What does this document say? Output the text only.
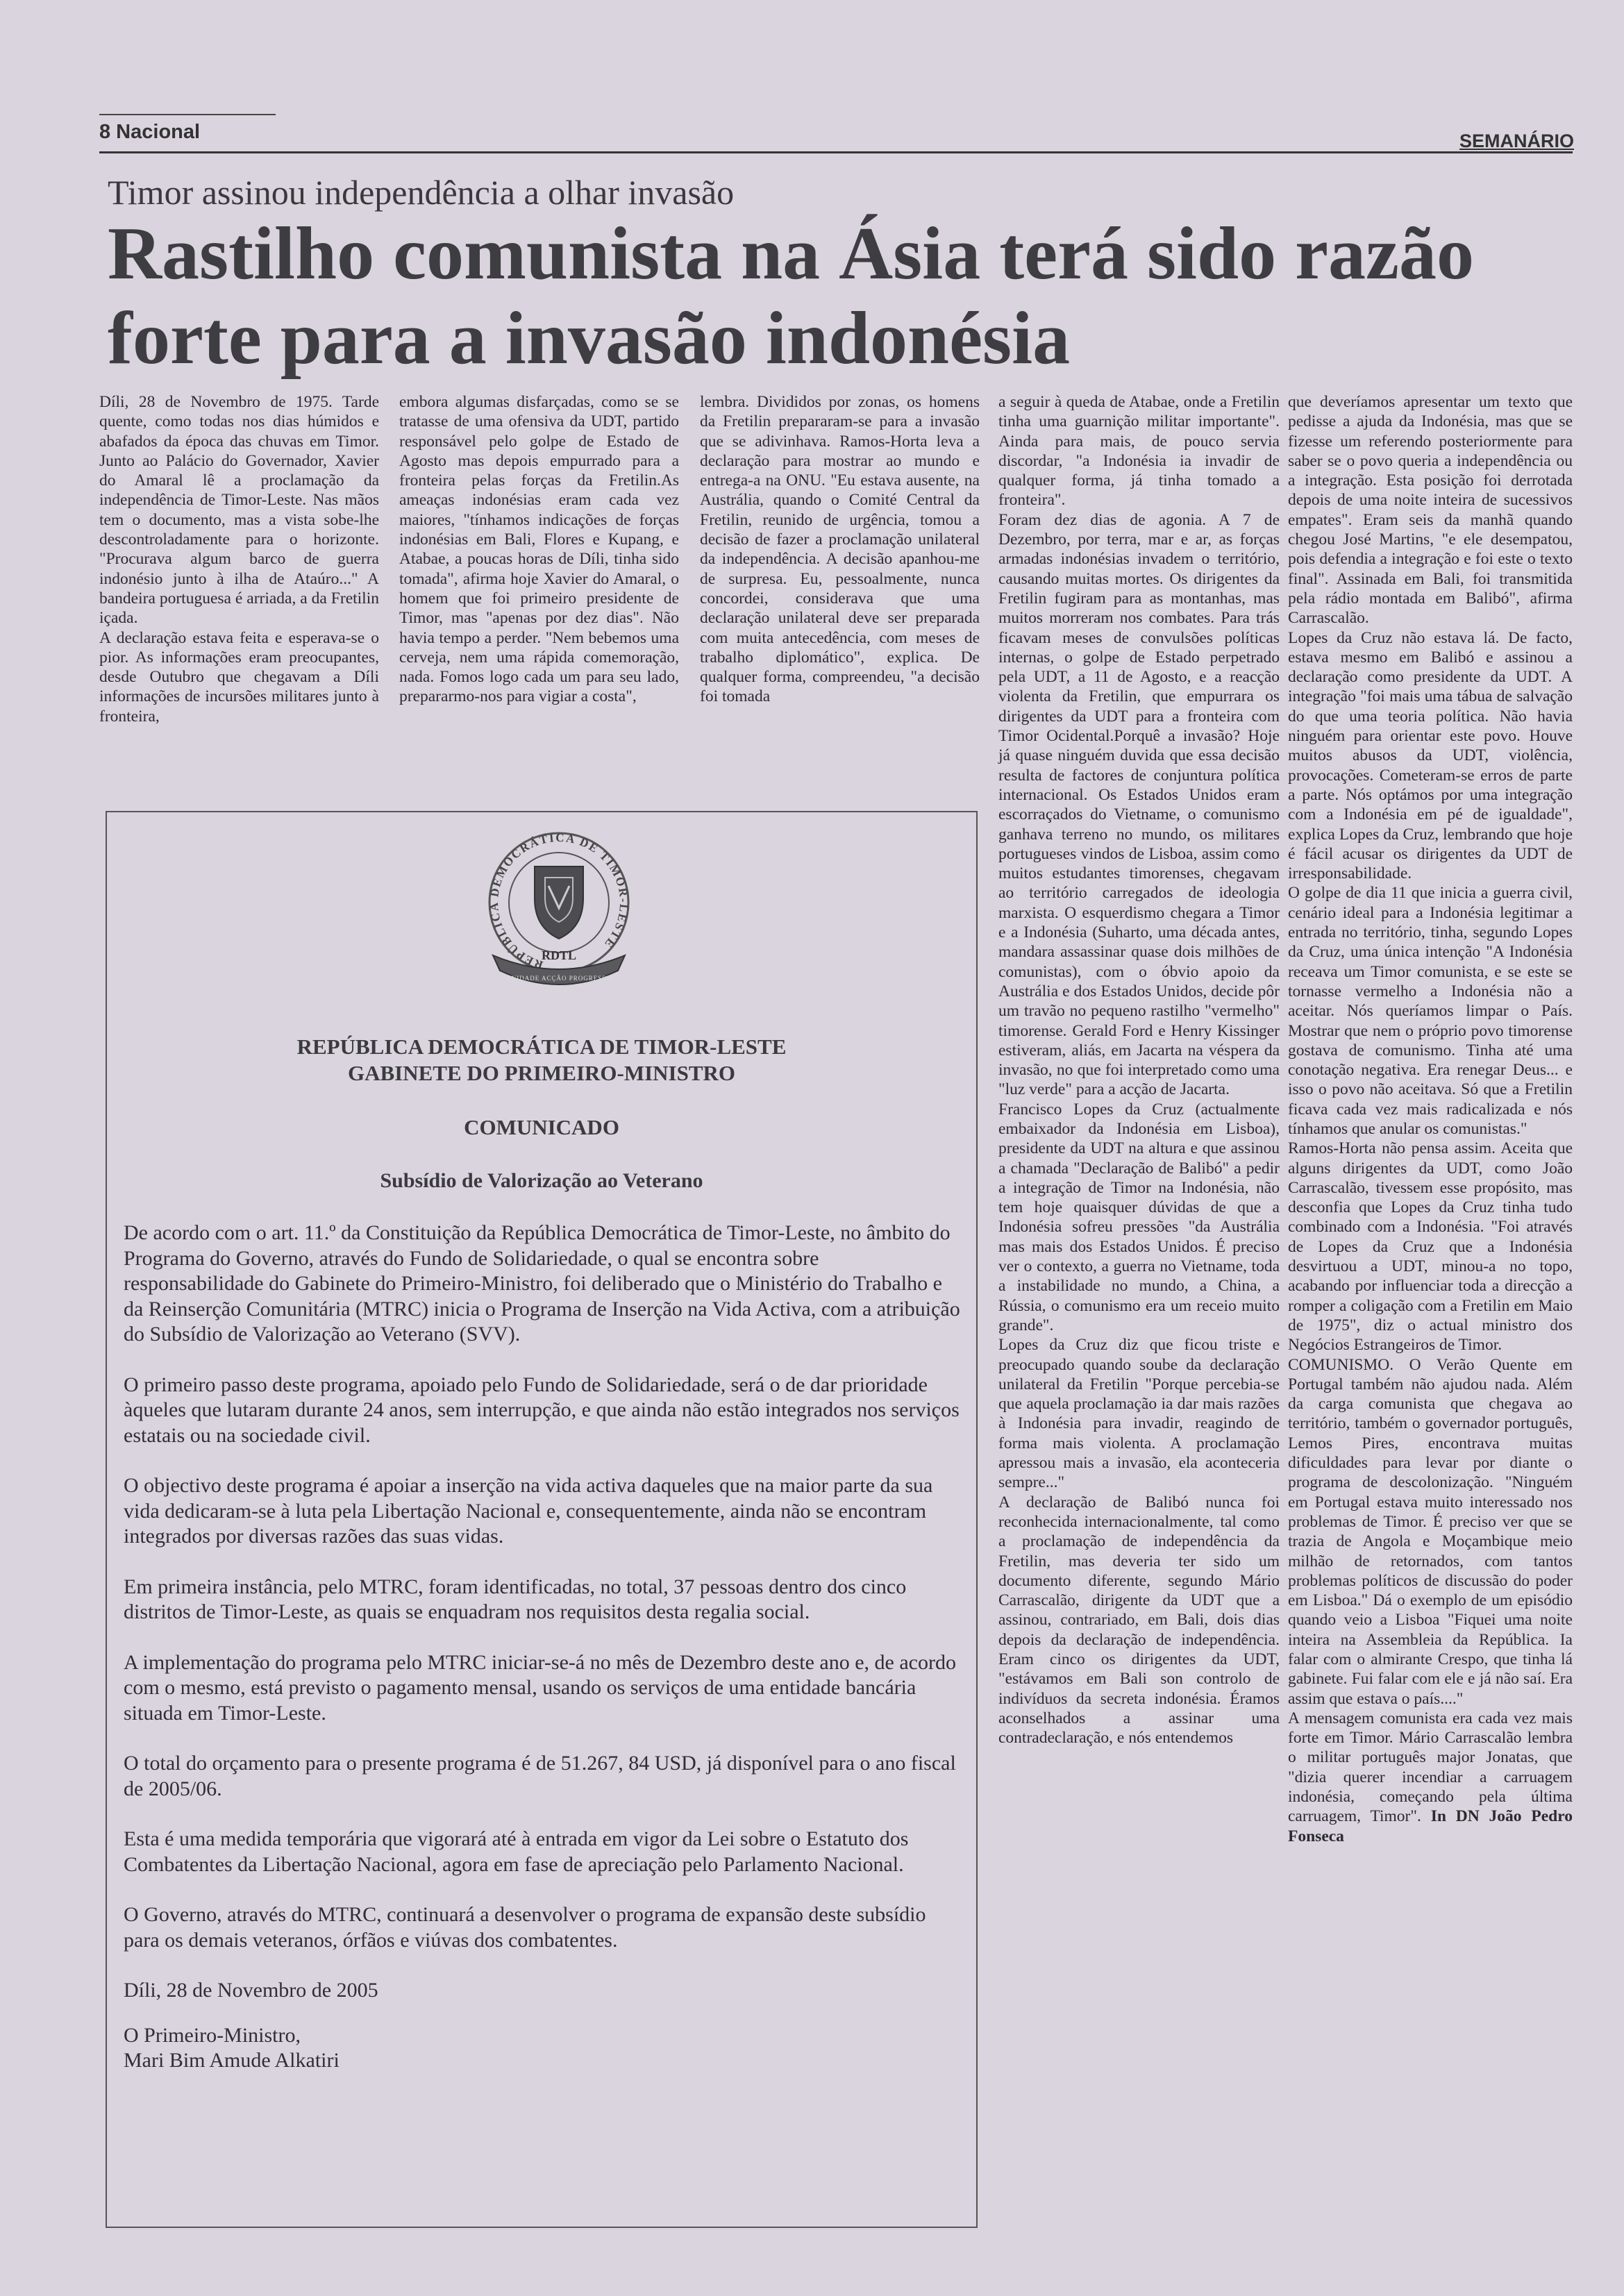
8 Nacional	SEMANÁRIO
Timor assinou independência a olhar invasão
Rastilho comunista na Ásia terá sido razão forte para a invasão indonésia

Díli, 28 de Novembro de 1975. Tarde quente, como todas nos dias húmidos e abafados da época das chuvas em Timor. Junto ao Palácio do Governador, Xavier do Amaral lê a proclamação da independência de Timor-Leste. Nas mãos tem o documento, mas a vista sobe-lhe descontroladamente para o horizonte. "Procurava algum barco de guerra indonésio junto à ilha de Ataúro..." A bandeira portuguesa é arriada, a da Fretilin içada.

A declaração estava feita e esperava-se o pior. As informações eram preocupantes, desde Outubro que chegavam a Díli informações de incursões militares junto à fronteira,

embora algumas disfarçadas, como se se tratasse de uma ofensiva da UDT, partido responsável pelo golpe de Estado de Agosto mas depois empurrado para a fronteira pelas forças da Fretilin.As ameaças indonésias eram cada vez maiores, "tínhamos indicações de forças indonésias em Bali, Flores e Kupang, e Atabae, a poucas horas de Díli, tinha sido tomada", afirma hoje Xavier do Amaral, o homem que foi primeiro presidente de Timor, mas "apenas por dez dias". Não havia tempo a perder. "Nem bebemos uma cerveja, nem uma rápida comemoração, nada. Fomos logo cada um para seu lado, prepararmo-nos para vigiar a costa",

lembra. Divididos por zonas, os homens da Fretilin prepararam-se para a invasão que se adivinhava. Ramos-Horta leva a declaração para mostrar ao mundo e entrega-a na ONU. "Eu estava ausente, na Austrália, quando o Comité Central da Fretilin, reunido de urgência, tomou a decisão de fazer a proclamação unilateral da independência. A decisão apanhou-me de surpresa. Eu, pessoalmente, nunca concordei, considerava que uma declaração unilateral deve ser preparada com muita antecedência, com meses de trabalho diplomático", explica. De qualquer forma, compreendeu, "a decisão foi tomada

a seguir à queda de Atabae, onde a Fretilin tinha uma guarnição militar importante". Ainda para mais, de pouco servia discordar, "a Indonésia ia invadir de qualquer forma, já tinha tomado a fronteira".

Foram dez dias de agonia. A 7 de Dezembro, por terra, mar e ar, as forças armadas indonésias invadem o território, causando muitas mortes. Os dirigentes da Fretilin fugiram para as montanhas, mas muitos morreram nos combates. Para trás ficavam meses de convulsões políticas internas, o golpe de Estado perpetrado pela UDT, a 11 de Agosto, e a reacção violenta da Fretilin, que empurrara os dirigentes da UDT para a fronteira com Timor Ocidental.Porquê a invasão? Hoje já quase ninguém duvida que essa decisão resulta de factores de conjuntura política internacional. Os Estados Unidos eram escorraçados do Vietname, o comunismo ganhava terreno no mundo, os militares portugueses vindos de Lisboa, assim como muitos estudantes timorenses, chegavam ao território carregados de ideologia marxista. O esquerdismo chegara a Timor e a Indonésia (Suharto, uma década antes, mandara assassinar quase dois milhões de comunistas), com o óbvio apoio da Austrália e dos Estados Unidos, decide pôr um travão no pequeno rastilho "vermelho" timorense. Gerald Ford e Henry Kissinger estiveram, aliás, em Jacarta na véspera da invasão, no que foi interpretado como uma "luz verde" para a acção de Jacarta.

Francisco Lopes da Cruz (actualmente embaixador da Indonésia em Lisboa), presidente da UDT na altura e que assinou a chamada "Declaração de Balibó" a pedir a integração de Timor na Indonésia, não tem hoje quaisquer dúvidas de que a Indonésia sofreu pressões "da Austrália mas mais dos Estados Unidos. É preciso ver o contexto, a guerra no Vietname, toda a instabilidade no mundo, a China, a Rússia, o comunismo era um receio muito grande".

Lopes da Cruz diz que ficou triste e preocupado quando soube da declaração unilateral da Fretilin "Porque percebia-se que aquela proclamação ia dar mais razões à Indonésia para invadir, reagindo de forma mais violenta. A proclamação apressou mais a invasão, ela aconteceria sempre..."

A declaração de Balibó nunca foi reconhecida internacionalmente, tal como a proclamação de independência da Fretilin, mas deveria ter sido um documento diferente, segundo Mário Carrascalão, dirigente da UDT que a assinou, contrariado, em Bali, dois dias depois da declaração de independência. Eram cinco os dirigentes da UDT, "estávamos em Bali son controlo de indivíduos da secreta indonésia. Éramos aconselhados a assinar uma contradeclaração, e nós entendemos

que deveríamos apresentar um texto que pedisse a ajuda da Indonésia, mas que se fizesse um referendo posteriormente para saber se o povo queria a independência ou a integração. Esta posição foi derrotada depois de uma noite inteira de sucessivos empates". Eram seis da manhã quando chegou José Martins, "e ele desempatou, pois defendia a integração e foi este o texto final". Assinada em Bali, foi transmitida pela rádio montada em Balibó", afirma Carrascalão.

Lopes da Cruz não estava lá. De facto, estava mesmo em Balibó e assinou a declaração como presidente da UDT. A integração "foi mais uma tábua de salvação do que uma teoria política. Não havia ninguém para orientar este povo. Houve muitos abusos da UDT, violência, provocações. Cometeram-se erros de parte a parte. Nós optámos por uma integração com a Indonésia em pé de igualdade", explica Lopes da Cruz, lembrando que hoje é fácil acusar os dirigentes da UDT de irresponsabilidade.

O golpe de dia 11 que inicia a guerra civil, cenário ideal para a Indonésia legitimar a entrada no território, tinha, segundo Lopes da Cruz, uma única intenção "A Indonésia receava um Timor comunista, e se este se tornasse vermelho a Indonésia não a aceitar. Nós queríamos limpar o País. Mostrar que nem o próprio povo timorense gostava de comunismo. Tinha até uma conotação negativa. Era renegar Deus... e isso o povo não aceitava. Só que a Fretilin ficava cada vez mais radicalizada e nós tínhamos que anular os comunistas."

Ramos-Horta não pensa assim. Aceita que alguns dirigentes da UDT, como João Carrascalão, tivessem esse propósito, mas desconfia que Lopes da Cruz tinha tudo combinado com a Indonésia. "Foi através de Lopes da Cruz que a Indonésia desvirtuou a UDT, minou-a no topo, acabando por influenciar toda a direcção a romper a coligação com a Fretilin em Maio de 1975", diz o actual ministro dos Negócios Estrangeiros de Timor.

COMUNISMO. O Verão Quente em Portugal também não ajudou nada. Além da carga comunista que chegava ao território, também o governador português, Lemos Pires, encontrava muitas dificuldades para levar por diante o programa de descolonização. "Ninguém em Portugal estava muito interessado nos problemas de Timor. É preciso ver que se trazia de Angola e Moçambique meio milhão de retornados, com tantos problemas políticos de discussão do poder em Lisboa." Dá o exemplo de um episódio quando veio a Lisboa "Fiquei uma noite inteira na Assembleia da República. Ia falar com o almirante Crespo, que tinha lá gabinete. Fui falar com ele e já não saí. Era assim que estava o país...."

A mensagem comunista era cada vez mais forte em Timor. Mário Carrascalão lembra o militar português major Jonatas, que "dizia querer incendiar a carruagem indonésia, começando pela última carruagem, Timor". In DN João Pedro Fonseca

REPÚBLICA DEMOCRÁTICA DE TIMOR-LESTE
RDTL
UNIDADE ACÇÃO PROGRESSO
REPÚBLICA DEMOCRÁTICA DE TIMOR-LESTE
GABINETE DO PRIMEIRO-MINISTRO
COMUNICADO
Subsídio de Valorização ao Veterano

De acordo com o art. 11.º da Constituição da República Democrática de Timor-Leste, no âmbito do Programa do Governo, através do Fundo de Solidariedade, o qual se encontra sobre responsabilidade do Gabinete do Primeiro-Ministro, foi deliberado que o Ministério do Trabalho e da Reinserção Comunitária (MTRC) inicia o Programa de Inserção na Vida Activa, com a atribuição do Subsídio de Valorização ao Veterano (SVV).

O primeiro passo deste programa, apoiado pelo Fundo de Solidariedade, será o de dar prioridade àqueles que lutaram durante 24 anos, sem interrupção, e que ainda não estão integrados nos serviços estatais ou na sociedade civil.

O objectivo deste programa é apoiar a inserção na vida activa daqueles que na maior parte da sua vida dedicaram-se à luta pela Libertação Nacional e, consequentemente, ainda não se encontram integrados por diversas razões das suas vidas.

Em primeira instância, pelo MTRC, foram identificadas, no total, 37 pessoas dentro dos cinco distritos de Timor-Leste, as quais se enquadram nos requisitos desta regalia social.

A implementação do programa pelo MTRC iniciar-se-á no mês de Dezembro deste ano e, de acordo com o mesmo, está previsto o pagamento mensal, usando os serviços de uma entidade bancária situada em Timor-Leste.

O total do orçamento para o presente programa é de 51.267, 84 USD, já disponível para o ano fiscal de 2005/06.

Esta é uma medida temporária que vigorará até à entrada em vigor da Lei sobre o Estatuto dos Combatentes da Libertação Nacional, agora em fase de apreciação pelo Parlamento Nacional.

O Governo, através do MTRC, continuará a desenvolver o programa de expansão deste subsídio para os demais veteranos, órfãos e viúvas dos combatentes.

Díli, 28 de Novembro de 2005

O Primeiro-Ministro,
Mari Bim Amude Alkatiri
